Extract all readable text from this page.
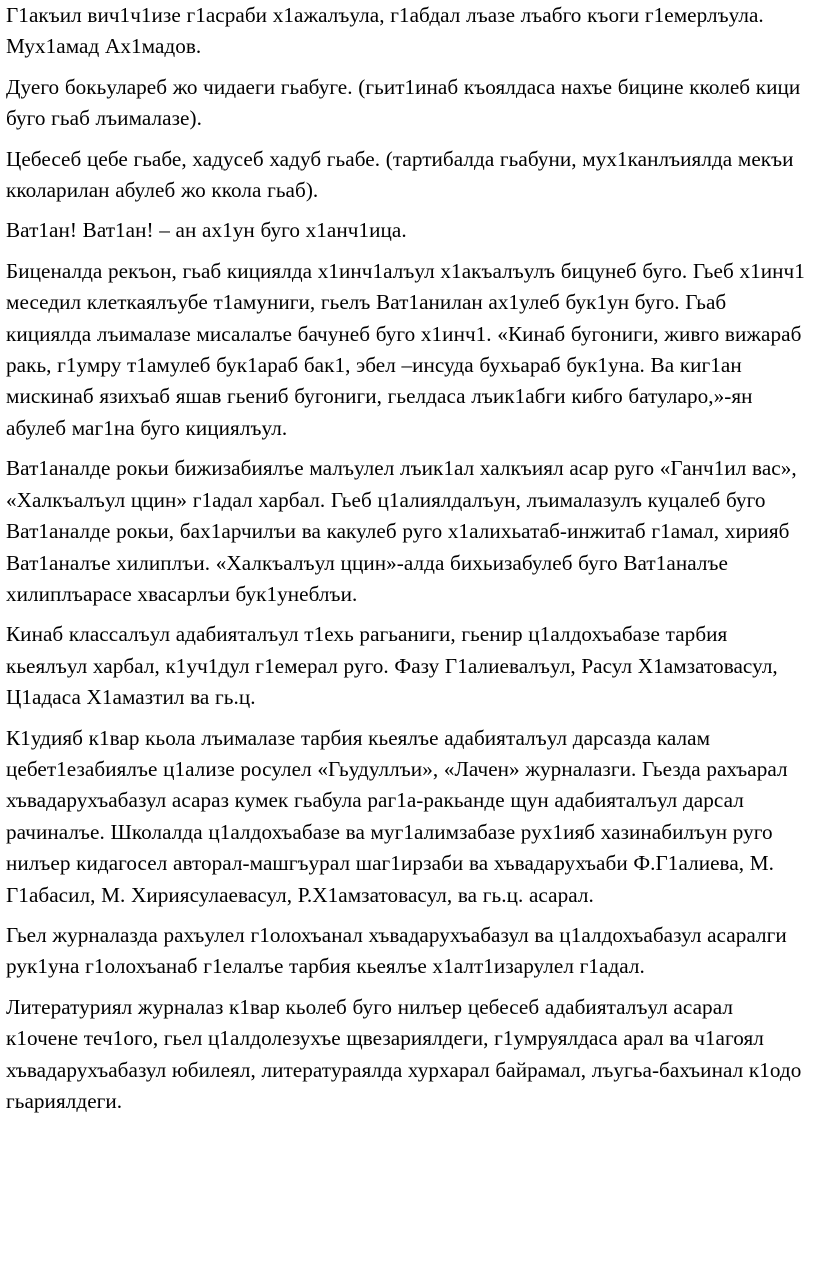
Г1акъил вич1ч1изе г1асраби х1ажалъула, г1абдал лъазе лъабго къоги г1емерлъула. Мух1амад Ах1мадов.

Дуего бокьулареб жо чидаеги гьабуге. (гьит1инаб къоялдаса нахъе бицине кколеб кици буго гьаб лъималазе).

Цебесеб цебе гьабе, хадусеб хадуб гьабе. (тартибалда гьабуни, мух1канлъиялда мекъи кколарилан абулеб жо ккола гьаб).

Ват1ан! Ват1ан! – ан ах1ун буго х1анч1ица.

Биценалда рекъон, гьаб кициялда х1инч1алъул х1акъалъулъ бицунеб буго. Гьеб х1инч1 меседил клеткаялъубе т1амуниги, гьелъ Ват1анилан ах1улеб бук1ун буго. Гьаб кициялда лъималазе мисалалъе бачунеб буго х1инч1. «Кинаб бугониги, живго вижараб ракь, г1умру т1амулеб бук1араб бак1, эбел –инсуда бухьараб бук1уна. Ва киг1ан мискинаб язихъаб яшав гьениб бугониги, гьелдаса лъик1абги кибго батуларо,»-ян абулеб маг1на буго кициялъул.

Ват1аналде рокьи бижизабиялъе малъулел лъик1ал халкъиял асар руго «Ганч1ил вас», «Халкъалъул ццин» г1адал харбал. Гьеб ц1алиялдалъун, лъималазулъ куцалеб буго Ват1аналде рокьи, бах1арчилъи ва какулеб руго х1алихьатаб-инжитаб г1амал, хирияб Ват1аналъе хилиплъи. «Халкъалъул ццин»-алда бихьизабулеб буго Ват1аналъе хилиплъарасе хвасарлъи бук1унеблъи.

Кинаб классалъул адабияталъул т1ехь рагьаниги, гьенир ц1алдохъабазе тарбия кьеялъул харбал, к1уч1дул г1емерал руго. Фазу Г1алиевалъул, Расул Х1амзатовасул, Ц1адаса Х1амазтил ва гь.ц.

К1удияб к1вар кьола лъималазе тарбия кьеялъе адабияталъул дарсазда калам цебет1езабиялъе ц1ализе росулел «Гьудуллъи», «Лачен» журналазги. Гьезда рахъарал хъвадарухъабазул асараз кумек гьабула раг1а-ракьанде щун адабияталъул дарсал рачиналъе. Школалда ц1алдохъабазе ва муг1алимзабазе рух1ияб хазинабилъун руго нилъер кидагосел авторал-машгъурал шаг1ирзаби ва хъвадарухъаби Ф.Г1алиева, М. Г1абасил, М. Хириясулаевасул, Р.Х1амзатовасул, ва гь.ц. асарал.

Гьел журналазда рахъулел г1олохъанал хъвадарухъабазул ва ц1алдохъабазул асаралги рук1уна г1олохъанаб г1елалъе тарбия кьеялъе х1алт1изарулел г1адал.

Литературиял журналаз к1вар кьолеб буго нилъер цебесеб адабияталъул асарал к1очене теч1ого, гьел ц1алдолезухъе щвезариялдеги, г1умруялдаса арал ва ч1агоял хъвадарухъабазул юбилеял, литератураялда хурхарал байрамал, лъугьа-бахъинал к1одо гьариялдеги.
